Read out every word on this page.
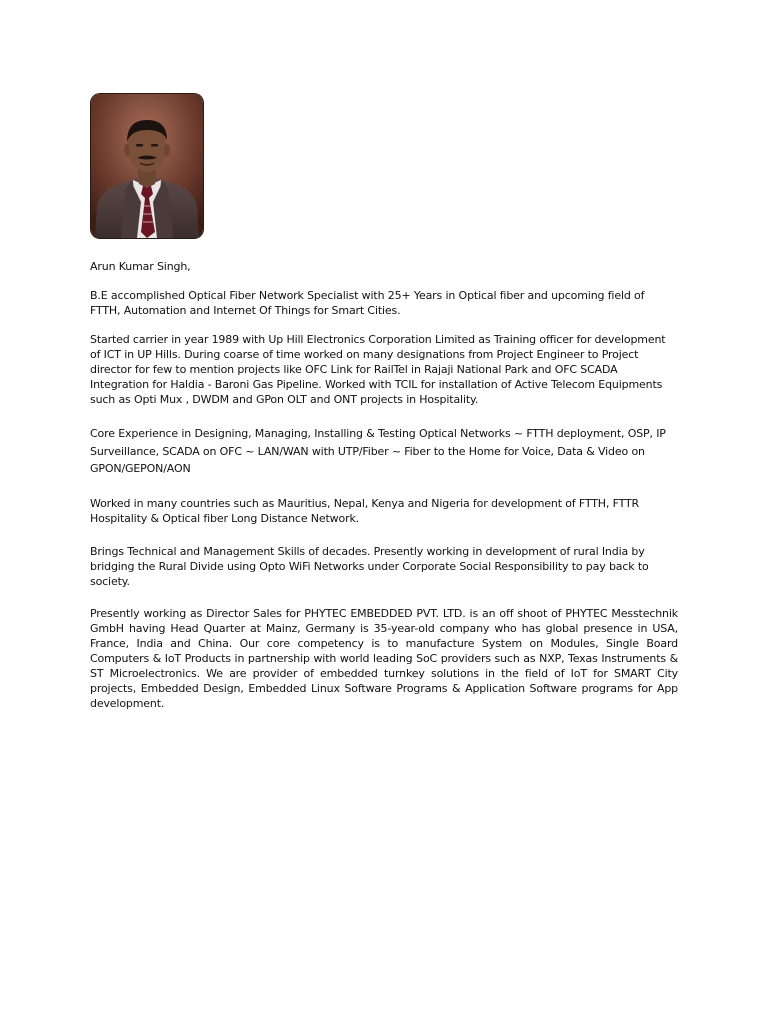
Arun Kumar Singh,

B.E accomplished Optical Fiber Network Specialist with 25+ Years in Optical fiber and upcoming field of FTTH, Automation and Internet Of Things for Smart Cities.

Started carrier in year 1989 with Up Hill Electronics Corporation Limited as Training officer for development of ICT in UP Hills. During coarse of time worked on many designations from Project Engineer to Project director for few to mention projects like OFC Link for RailTel in Rajaji National Park and OFC SCADA Integration for Haldia - Baroni Gas Pipeline. Worked with TCIL for installation of Active Telecom Equipments such as Opti Mux , DWDM and GPon OLT and ONT projects in Hospitality.

Core Experience in Designing, Managing, Installing & Testing Optical Networks ~ FTTH deployment, OSP, IP Surveillance, SCADA on OFC ~ LAN/WAN with UTP/Fiber ~ Fiber to the Home for Voice, Data & Video on GPON/GEPON/AON

Worked in many countries such as Mauritius, Nepal, Kenya and Nigeria for development of FTTH, FTTR Hospitality & Optical fiber Long Distance Network.

Brings Technical and Management Skills of decades. Presently working in development of rural India by bridging the Rural Divide using Opto WiFi Networks under Corporate Social Responsibility to pay back to society.

Presently working as Director Sales for PHYTEC EMBEDDED PVT. LTD. is an off shoot of PHYTEC Messtechnik GmbH having Head Quarter at Mainz, Germany is 35-year-old company who has global presence in USA, France, India and China. Our core competency is to manufacture System on Modules, Single Board Computers & IoT Products in partnership with world leading SoC providers such as NXP, Texas Instruments & ST Microelectronics. We are provider of embedded turnkey solutions in the field of IoT for SMART City projects, Embedded Design, Embedded Linux Software Programs & Application Software programs for App development.
